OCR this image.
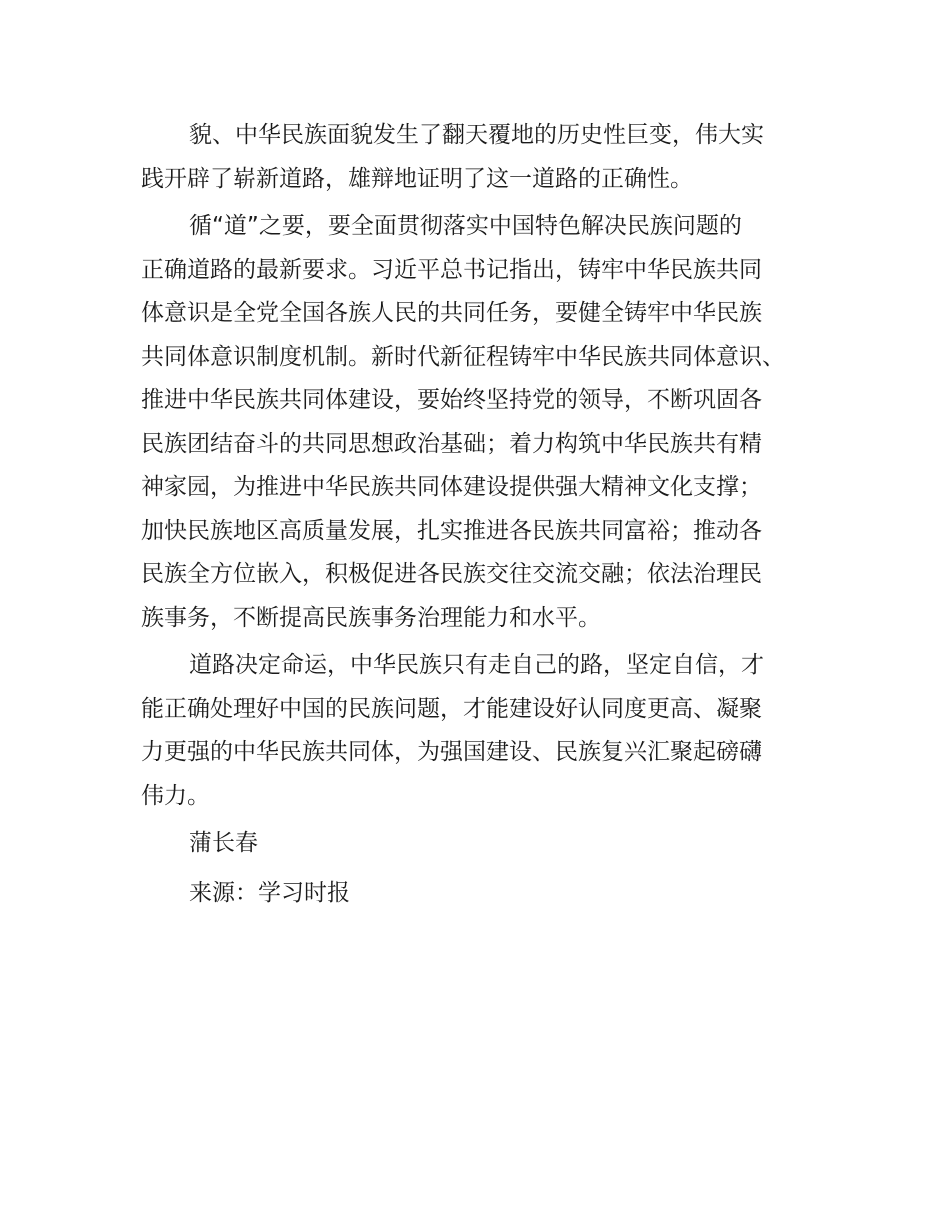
貌、中华民族面貌发生了翻天覆地的历史性巨变，伟大实
践开辟了崭新道路，雄辩地证明了这一道路的正确性。
循“道”之要，要全面贯彻落实中国特色解决民族问题的
正确道路的最新要求。习近平总书记指出，铸牢中华民族共同
体意识是全党全国各族人民的共同任务，要健全铸牢中华民族
共同体意识制度机制。新时代新征程铸牢中华民族共同体意识、
推进中华民族共同体建设，要始终坚持党的领导，不断巩固各
民族团结奋斗的共同思想政治基础；着力构筑中华民族共有精
神家园，为推进中华民族共同体建设提供强大精神文化支撑；
加快民族地区高质量发展，扎实推进各民族共同富裕；推动各
民族全方位嵌入，积极促进各民族交往交流交融；依法治理民
族事务，不断提高民族事务治理能力和水平。
道路决定命运，中华民族只有走自己的路，坚定自信，才
能正确处理好中国的民族问题，才能建设好认同度更高、凝聚
力更强的中华民族共同体，为强国建设、民族复兴汇聚起磅礴
伟力。

蒲长春

来源：学习时报
